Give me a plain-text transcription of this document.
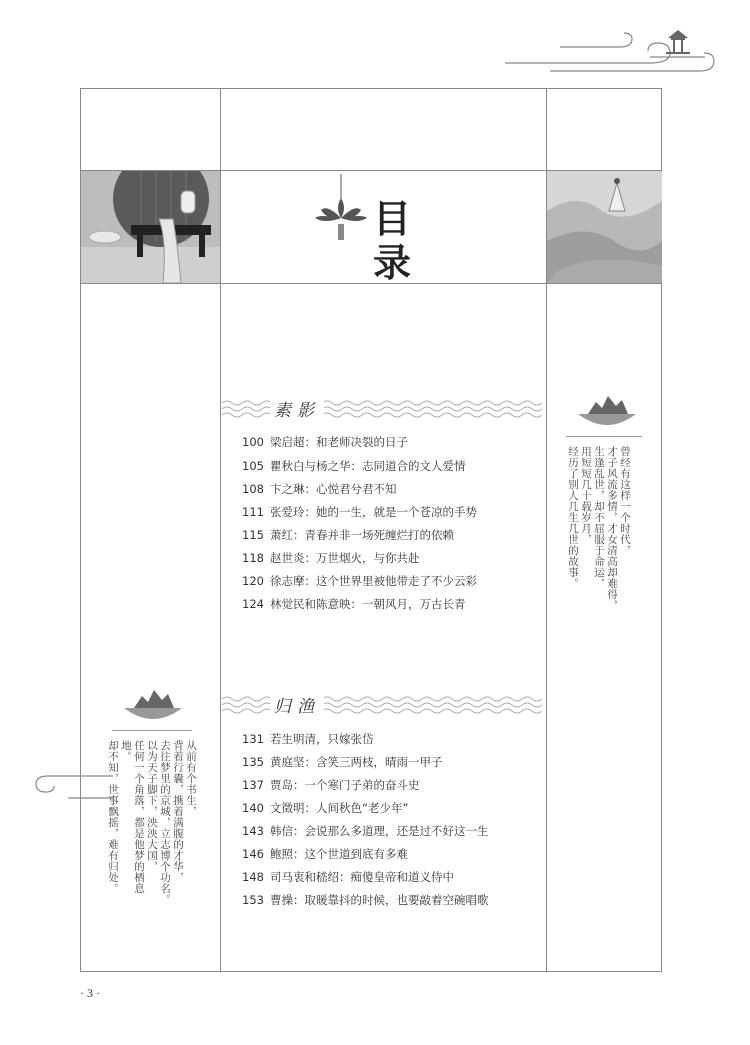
目
录
素影
100 梁启超：和老师决裂的日子
105 瞿秋白与杨之华：志同道合的文人爱情
108 卞之琳：心悦君兮君不知
111 张爱玲：她的一生，就是一个苍凉的手势
115 萧红：青春并非一场死缠烂打的依赖
118 赵世炎：万世烟火，与你共赴
120 徐志摩：这个世界里被他带走了不少云彩
124 林觉民和陈意映：一朝风月，万古长青
归渔
131 若生明清，只嫁张岱
135 黄庭坚：含笑三两枝，晴雨一甲子
137 贾岛：一个寒门子弟的奋斗史
140 文徵明：人间秋色“老少年”
143 韩信：会说那么多道理，还是过不好这一生
146 鲍照：这个世道到底有多难
148 司马衷和嵇绍：痴傻皇帝和道义侍中
153 曹操：取暖靠抖的时候，也要敲着空碗唱歌
曾经有这样一个时代，
才子风流多情，才女清高却难得，
生逢乱世，却不屈服于命运，
用短短几十载岁月，
经历了别人几生几世的故事。
从前有个书生，
背着行囊，携着满腹的才华，
去往梦里的京城，立志博个功名。
以为天子脚下，泱泱大国，
任何一个角落，都是他梦的栖息地。
却不知，世事飘摇，难有归处。
· 3 ·
